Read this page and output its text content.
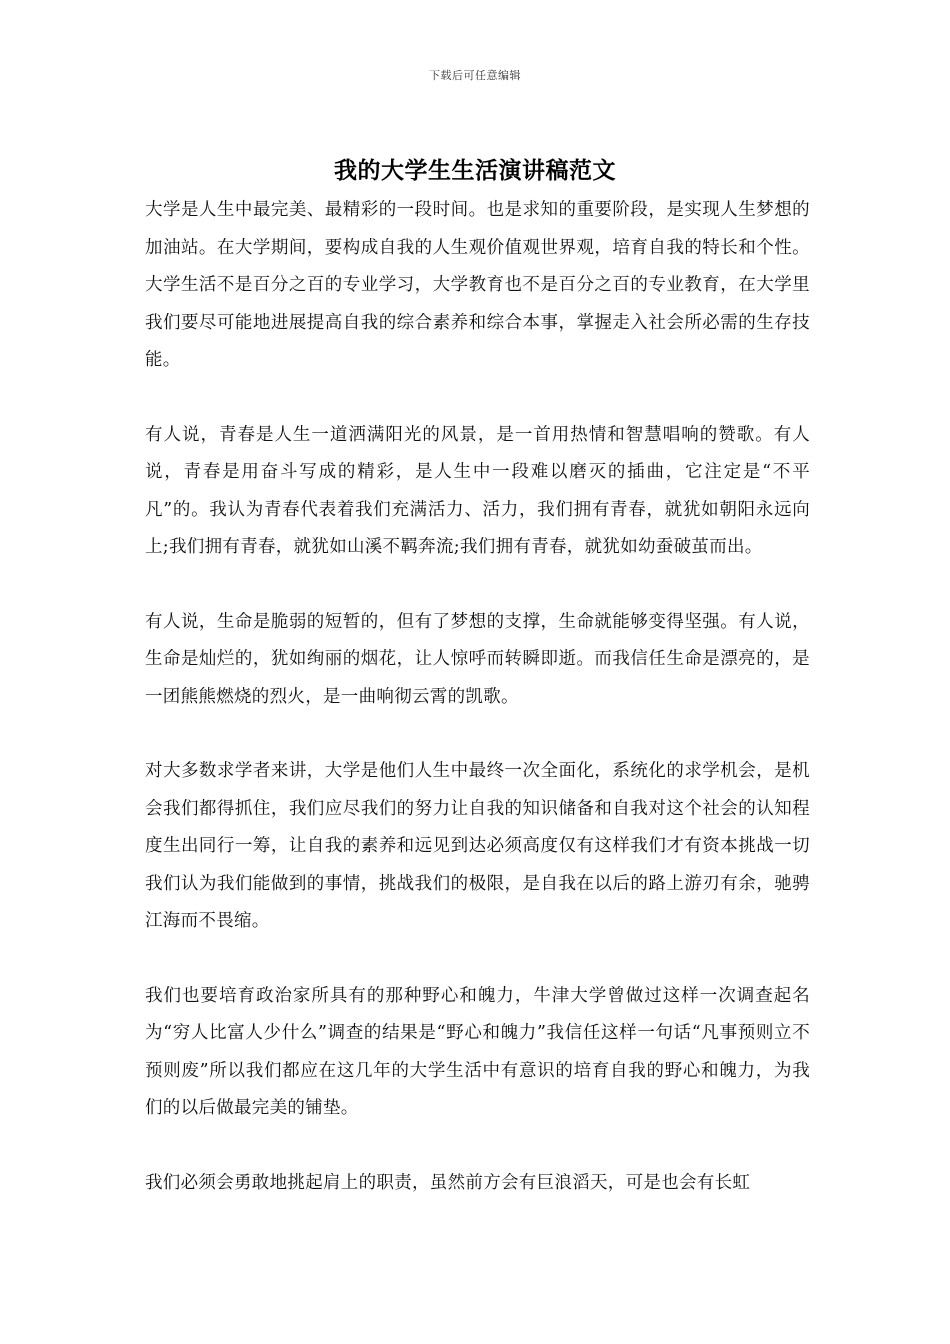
下载后可任意编辑
我的大学生生活演讲稿范文

大学是人生中最完美、最精彩的一段时间。也是求知的重要阶段，是实现人生梦想的加油站。在大学期间，要构成自我的人生观价值观世界观，培育自我的特长和个性。大学生活不是百分之百的专业学习，大学教育也不是百分之百的专业教育，在大学里我们要尽可能地进展提高自我的综合素养和综合本事，掌握走入社会所必需的生存技能。

有人说，青春是人生一道洒满阳光的风景，是一首用热情和智慧唱响的赞歌。有人说，青春是用奋斗写成的精彩，是人生中一段难以磨灭的插曲，它注定是“不平凡”的。我认为青春代表着我们充满活力、活力，我们拥有青春，就犹如朝阳永远向上;我们拥有青春，就犹如山溪不羁奔流;我们拥有青春，就犹如幼蚕破茧而出。

有人说，生命是脆弱的短暂的，但有了梦想的支撑，生命就能够变得坚强。有人说，生命是灿烂的，犹如绚丽的烟花，让人惊呼而转瞬即逝。而我信任生命是漂亮的，是一团熊熊燃烧的烈火，是一曲响彻云霄的凯歌。

对大多数求学者来讲，大学是他们人生中最终一次全面化，系统化的求学机会，是机会我们都得抓住，我们应尽我们的努力让自我的知识储备和自我对这个社会的认知程度生出同行一筹，让自我的素养和远见到达必须高度仅有这样我们才有资本挑战一切我们认为我们能做到的事情，挑战我们的极限，是自我在以后的路上游刃有余，驰骋江海而不畏缩。

我们也要培育政治家所具有的那种野心和魄力，牛津大学曾做过这样一次调查起名为“穷人比富人少什么”调查的结果是“野心和魄力”我信任这样一句话“凡事预则立不预则废”所以我们都应在这几年的大学生活中有意识的培育自我的野心和魄力，为我们的以后做最完美的铺垫。

我们必须会勇敢地挑起肩上的职责，虽然前方会有巨浪滔天，可是也会有长虹
